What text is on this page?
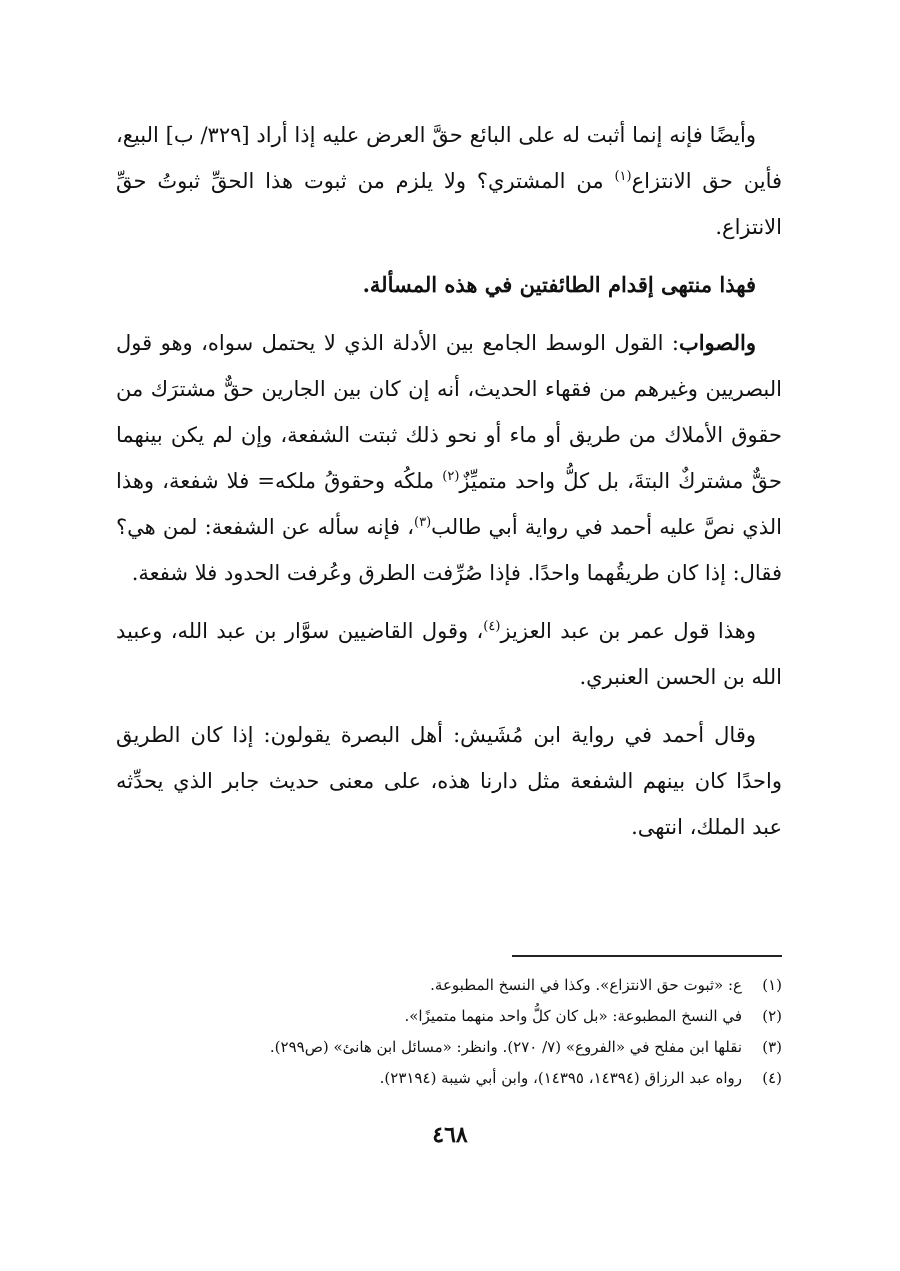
وأيضًا فإنه إنما أثبت له على البائع حقَّ العرض عليه إذا أراد [٣٢٩/ ب] البيع، فأين حق الانتزاع$^{(١)}$ من المشتري؟ ولا يلزم من ثبوت هذا الحقِّ ثبوتُ حقِّ الانتزاع.

فهذا منتهى إقدام الطائفتين في هذه المسألة.

والصواب: القول الوسط الجامع بين الأدلة الذي لا يحتمل سواه، وهو قول البصريين وغيرهم من فقهاء الحديث، أنه إن كان بين الجارين حقٌّ مشترَك من حقوق الأملاك من طريق أو ماء أو نحو ذلك ثبتت الشفعة، وإن لم يكن بينهما حقٌّ مشتركٌ البتةَ، بل كلُّ واحد متميِّزٌ$^{(٢)}$ ملكُه وحقوقُ ملكه= فلا شفعة، وهذا الذي نصَّ عليه أحمد في رواية أبي طالب$^{(٣)}$، فإنه سأله عن الشفعة: لمن هي؟ فقال: إذا كان طريقُهما واحدًا. فإذا صُرِّفت الطرق وعُرفت الحدود فلا شفعة.

وهذا قول عمر بن عبد العزيز$^{(٤)}$، وقول القاضيين سوَّار بن عبد الله، وعبيد الله بن الحسن العنبري.

وقال أحمد في رواية ابن مُشَيش: أهل البصرة يقولون: إذا كان الطريق واحدًا كان بينهم الشفعة مثل دارنا هذه، على معنى حديث جابر الذي يحدِّثه عبد الملك، انتهى.

(١)
ع: «ثبوت حق الانتزاع». وكذا في النسخ المطبوعة.
(٢)
في النسخ المطبوعة: «بل كان كلُّ واحد منهما متميزًا».
(٣)
نقلها ابن مفلح في «الفروع» (٧/ ٢٧٠). وانظر: «مسائل ابن هانئ» (ص٢٩٩).
(٤)
رواه عبد الرزاق (١٤٣٩٤، ١٤٣٩٥)، وابن أبي شيبة (٢٣١٩٤).
٤٦٨
